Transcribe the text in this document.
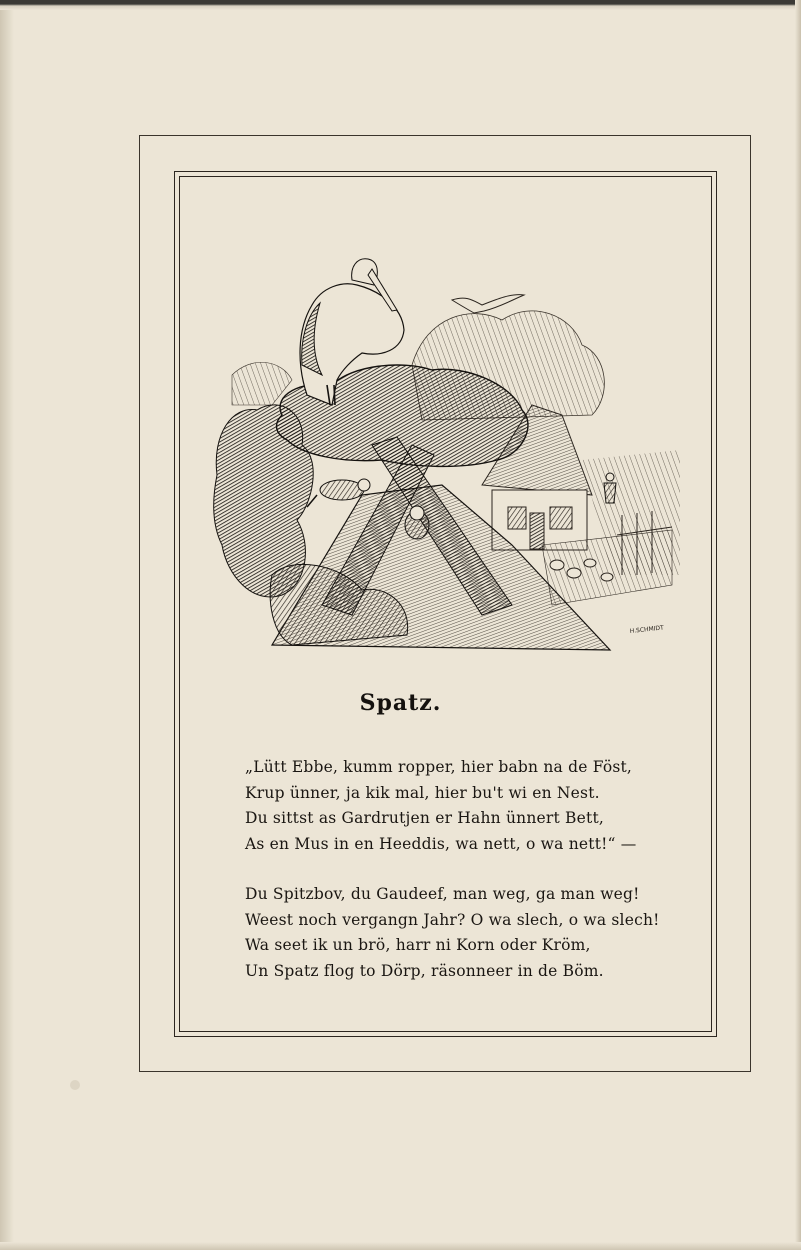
H.SCHMIDT
Spatz.
„Lütt Ebbe, kumm ropper, hier babn na de Föst,
Krup ünner, ja kik mal, hier bu't wi en Nest.
Du sittst as Gardrutjen er Hahn ünnert Bett,
As en Mus in en Heeddis, wa nett, o wa nett!“ —
Du Spitzbov, du Gaudeef, man weg, ga man weg!
Weest noch vergangn Jahr? O wa slech, o wa slech!
Wa seet ik un brö, harr ni Korn oder Kröm,
Un Spatz flog to Dörp, räsonneer in de Böm.
